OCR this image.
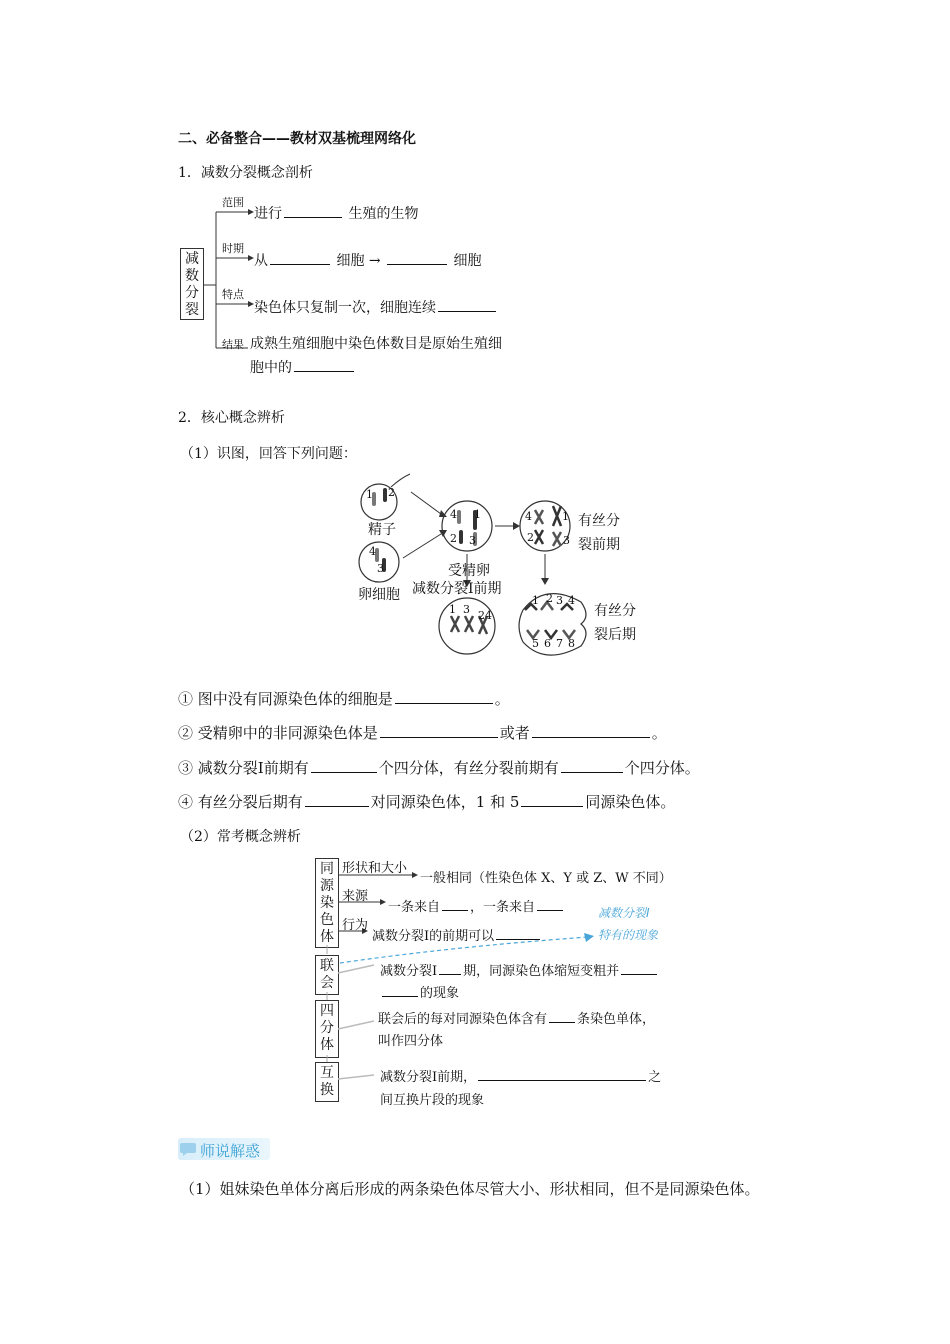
二、必备整合——教材双基梳理网络化
1．减数分裂概念剖析
减
数
分
裂
范围
进行	生殖的生物
时期
从	细胞 →	细胞
特点
染色体只复制一次，细胞连续
结果 成熟生殖细胞中染色体数目是原始生殖细
胞中的
2．核心概念辨析
（1）识图，回答下列问题：
精子
卵细胞
受精卵
减数分裂Ⅰ前期
有丝分
裂前期
有丝分
裂后期
1 2
4
3
4 1
2 3
4	1
2	3
1 3 24
1 2 3 4
5 6 7 8
① 图中没有同源染色体的细胞是	。
② 受精卵中的非同源染色体是	或者	。
③ 减数分裂Ⅰ前期有	个四分体，有丝分裂前期有	个四分体。
④ 有丝分裂后期有	对同源染色体，1 和 5	同源染色体。
（2）常考概念辨析
同
源
染
色
体
联
会
四
分
体
互
换
形状和大小
一般相同（性染色体 X、Y 或 Z、W 不同）
来源
一条来自 ，一条来自
行为
减数分裂Ⅰ的前期可以
减数分裂Ⅰ
特有的现象
减数分裂Ⅰ 期，同源染色体缩短变粗并
的现象
联会后的每对同源染色体含有 条染色单体，
叫作四分体
减数分裂Ⅰ前期，	之
间互换片段的现象
师说解惑
（1）姐妹染色单体分离后形成的两条染色体尽管大小、形状相同，但不是同源染色体。
